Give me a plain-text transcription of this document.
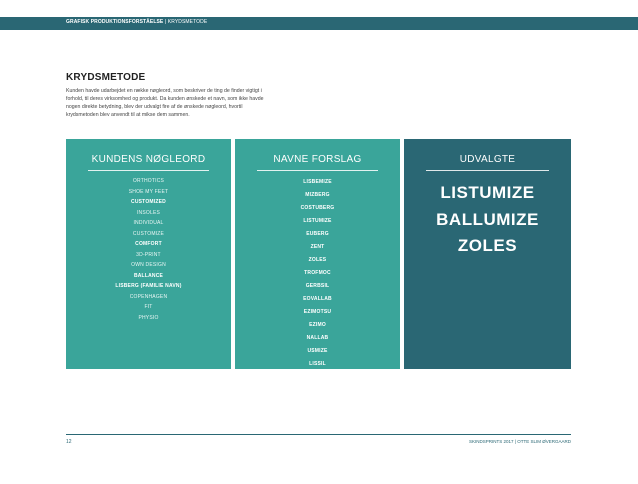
GRAFISK PRODUKTIONSFORSTÅELSE | KRYDSMETODE
KRYDSMETODE

Kunden havde udarbejdet en række nøgleord, som beskriver de ting de finder vigtigt i forhold, til deres virksomhed og produkt. Da kunden ønskede et navn, som ikke havde nogen direkte betydning, blev der udvalgt fire af de ønskede nøgleord, hvortil krydsmetoden blev anvendt til at mikse dem sammen.

KUNDENS NØGLEORD
ORTHOTICS
SHOE MY FEET
CUSTOMIZED
INSOLES
INDIVIDUAL
CUSTOMIZE
COMFORT
3D-PRINT
OWN DESIGN
BALLANCE
LISBERG (FAMILIE NAVN)
COPENHAGEN
FIT
PHYSIO
NAVNE FORSLAG
LISBEMIZE
MIZBERG
COSTUBERG
LISTUMIZE
EUBERG
ZENT
ZOLES
TROFMOC
GERBSIL
EOVALLAB
EZIMOTSU
EZIMO
NALLAB
USMIZE
LISSIL
UDVALGTE
LISTUMIZE
BALLUMIZE
ZOLES
12	SKINDSPRINTS 2017 | OTTE SLIM ØVERGAARD
